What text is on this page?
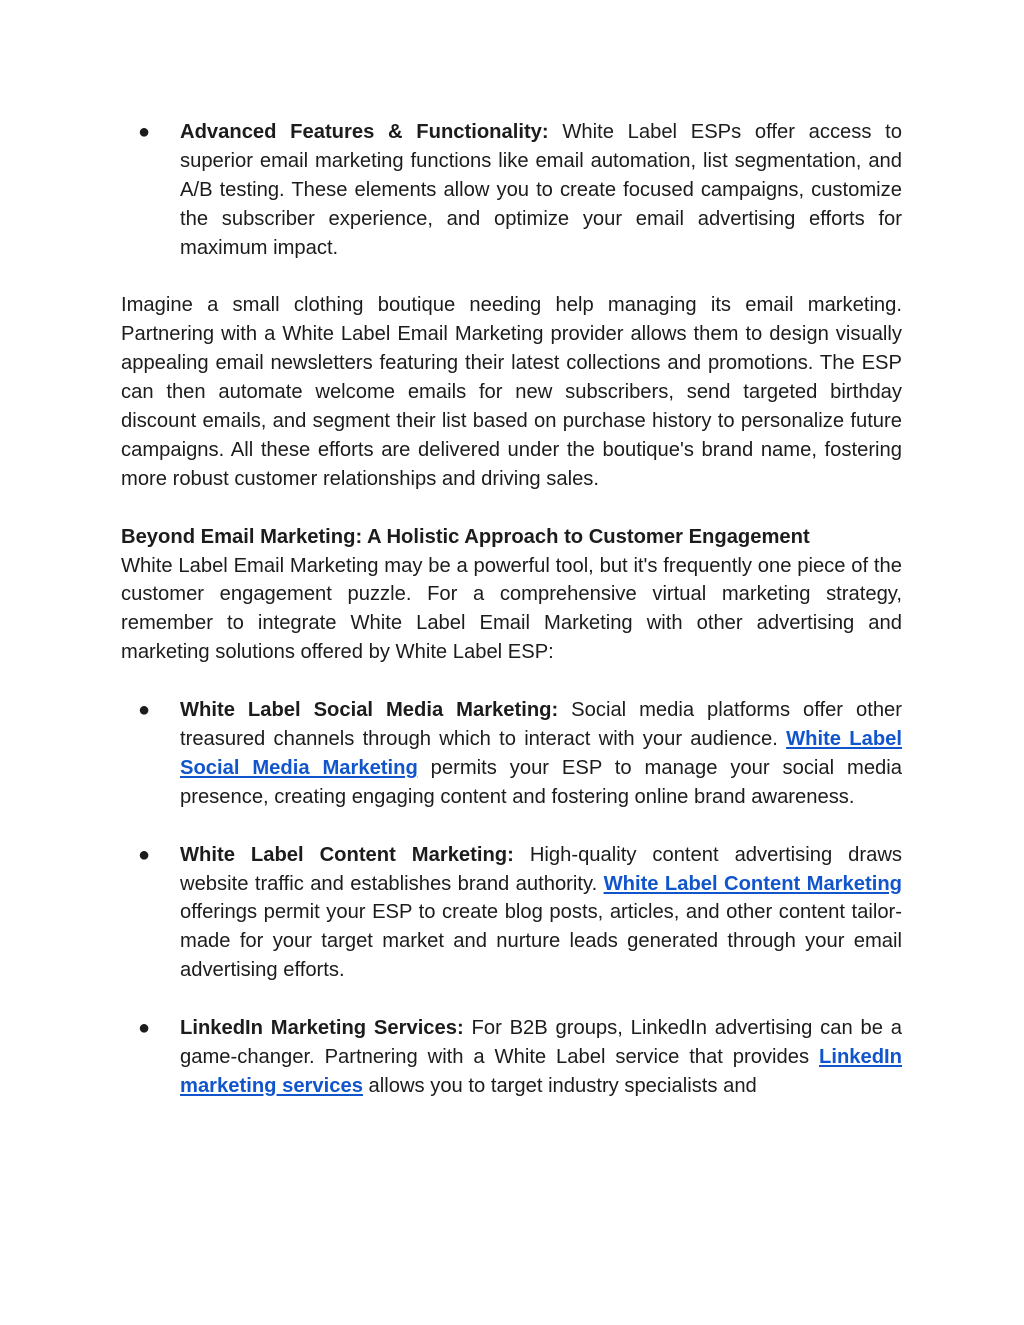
● Advanced Features & Functionality: White Label ESPs offer access to superior email marketing functions like email automation, list segmentation, and A/B testing. These elements allow you to create focused campaigns, customize the subscriber experience, and optimize your email advertising efforts for maximum impact.

Imagine a small clothing boutique needing help managing its email marketing. Partnering with a White Label Email Marketing provider allows them to design visually appealing email newsletters featuring their latest collections and promotions. The ESP can then automate welcome emails for new subscribers, send targeted birthday discount emails, and segment their list based on purchase history to personalize future campaigns. All these efforts are delivered under the boutique's brand name, fostering more robust customer relationships and driving sales.

Beyond Email Marketing: A Holistic Approach to Customer Engagement
White Label Email Marketing may be a powerful tool, but it's frequently one piece of the customer engagement puzzle. For a comprehensive virtual marketing strategy, remember to integrate White Label Email Marketing with other advertising and marketing solutions offered by White Label ESP:

● White Label Social Media Marketing: Social media platforms offer other treasured channels through which to interact with your audience. White Label Social Media Marketing permits your ESP to manage your social media presence, creating engaging content and fostering online brand awareness.
● White Label Content Marketing: High-quality content advertising draws website traffic and establishes brand authority. White Label Content Marketing offerings permit your ESP to create blog posts, articles, and other content tailor-made for your target market and nurture leads generated through your email advertising efforts.
● LinkedIn Marketing Services: For B2B groups, LinkedIn advertising can be a game-changer. Partnering with a White Label service that provides LinkedIn marketing services allows you to target industry specialists and
